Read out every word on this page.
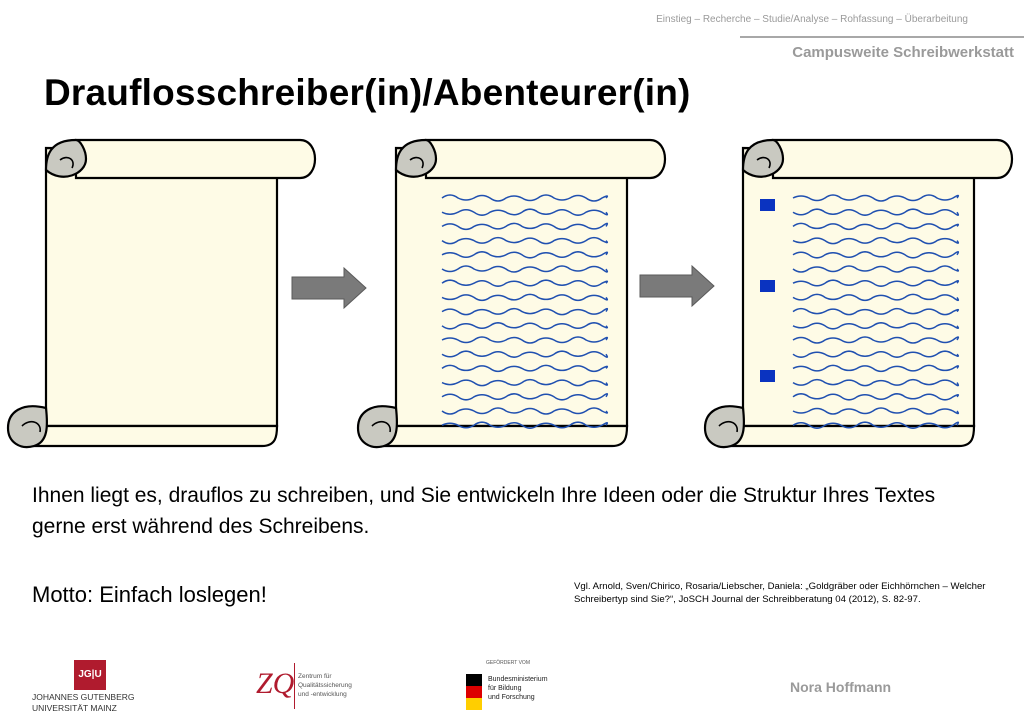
Einstieg – Recherche – Studie/Analyse – Rohfassung – Überarbeitung
Campusweite Schreibwerkstatt
Drauflosschreiber(in)/Abenteurer(in)
Ihnen liegt es, drauflos zu schreiben, und Sie entwickeln Ihre Ideen oder die Struktur Ihres Textes gerne erst während des Schreibens.
Motto: Einfach loslegen!	Vgl. Arnold, Sven/Chirico, Rosaria/Liebscher, Daniela: „Goldgräber oder Eichhörnchen – Welcher Schreibertyp sind Sie?“, JoSCH Journal der Schreibberatung 04 (2012), S. 82-97.
JG|U
JOHANNES GUTENBERG
UNIVERSITÄT MAINZ
ZQ Zentrum für
Qualitätssicherung
und -entwicklung
GEFÖRDERT VOM
Bundesministerium
für Bildung
und Forschung
Nora Hoffmann
